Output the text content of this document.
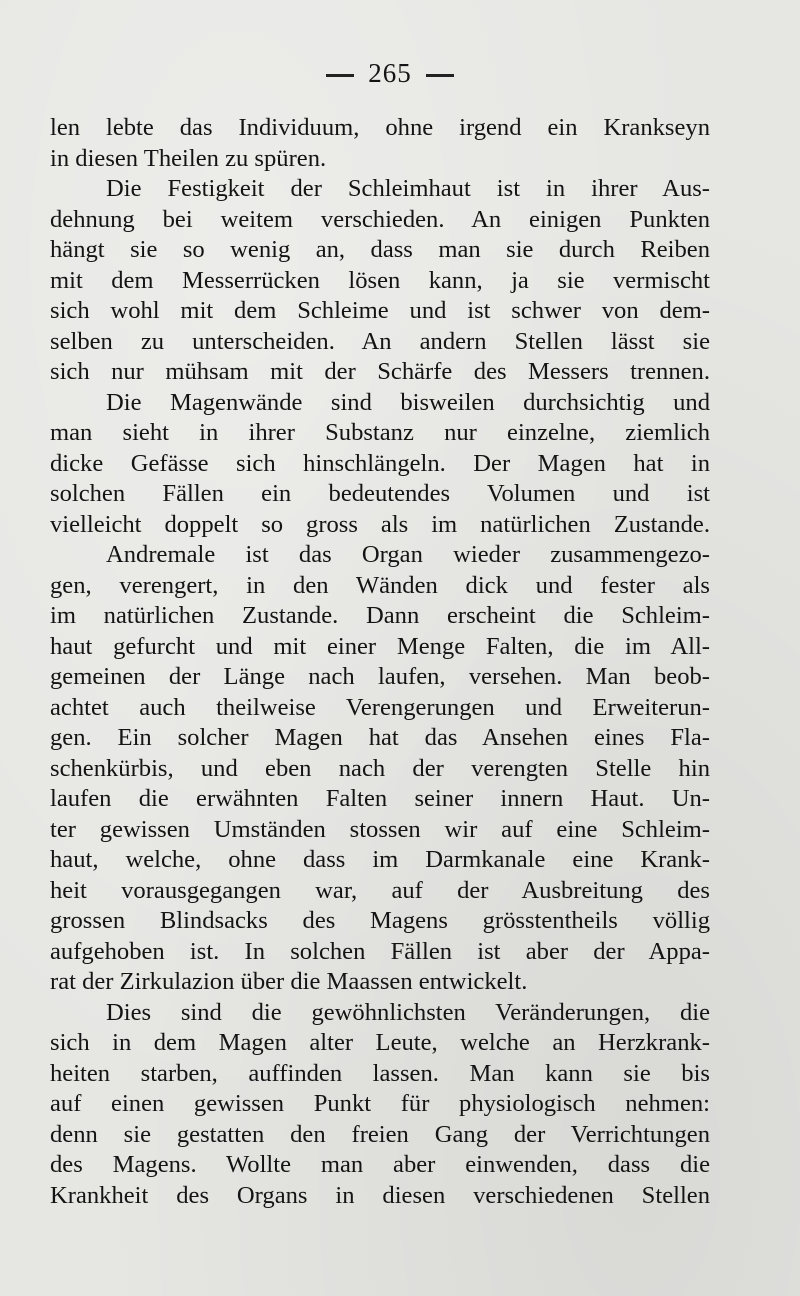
265
len lebte das Individuum, ohne irgend ein Krankseyn
in diesen Theilen zu spüren.
Die Festigkeit der Schleimhaut ist in ihrer Aus-
dehnung bei weitem verschieden. An einigen Punkten
hängt sie so wenig an, dass man sie durch Reiben
mit dem Messerrücken lösen kann, ja sie vermischt
sich wohl mit dem Schleime und ist schwer von dem-
selben zu unterscheiden. An andern Stellen lässt sie
sich nur mühsam mit der Schärfe des Messers trennen.
Die Magenwände sind bisweilen durchsichtig und
man sieht in ihrer Substanz nur einzelne, ziemlich
dicke Gefässe sich hinschlängeln. Der Magen hat in
solchen Fällen ein bedeutendes Volumen und ist
vielleicht doppelt so gross als im natürlichen Zustande.
Andremale ist das Organ wieder zusammengezo-
gen, verengert, in den Wänden dick und fester als
im natürlichen Zustande. Dann erscheint die Schleim-
haut gefurcht und mit einer Menge Falten, die im All-
gemeinen der Länge nach laufen, versehen. Man beob-
achtet auch theilweise Verengerungen und Erweiterun-
gen. Ein solcher Magen hat das Ansehen eines Fla-
schenkürbis, und eben nach der verengten Stelle hin
laufen die erwähnten Falten seiner innern Haut. Un-
ter gewissen Umständen stossen wir auf eine Schleim-
haut, welche, ohne dass im Darmkanale eine Krank-
heit vorausgegangen war, auf der Ausbreitung des
grossen Blindsacks des Magens grösstentheils völlig
aufgehoben ist. In solchen Fällen ist aber der Appa-
rat der Zirkulazion über die Maassen entwickelt.
Dies sind die gewöhnlichsten Veränderungen, die
sich in dem Magen alter Leute, welche an Herzkrank-
heiten starben, auffinden lassen. Man kann sie bis
auf einen gewissen Punkt für physiologisch nehmen:
denn sie gestatten den freien Gang der Verrichtungen
des Magens. Wollte man aber einwenden, dass die
Krankheit des Organs in diesen verschiedenen Stellen
